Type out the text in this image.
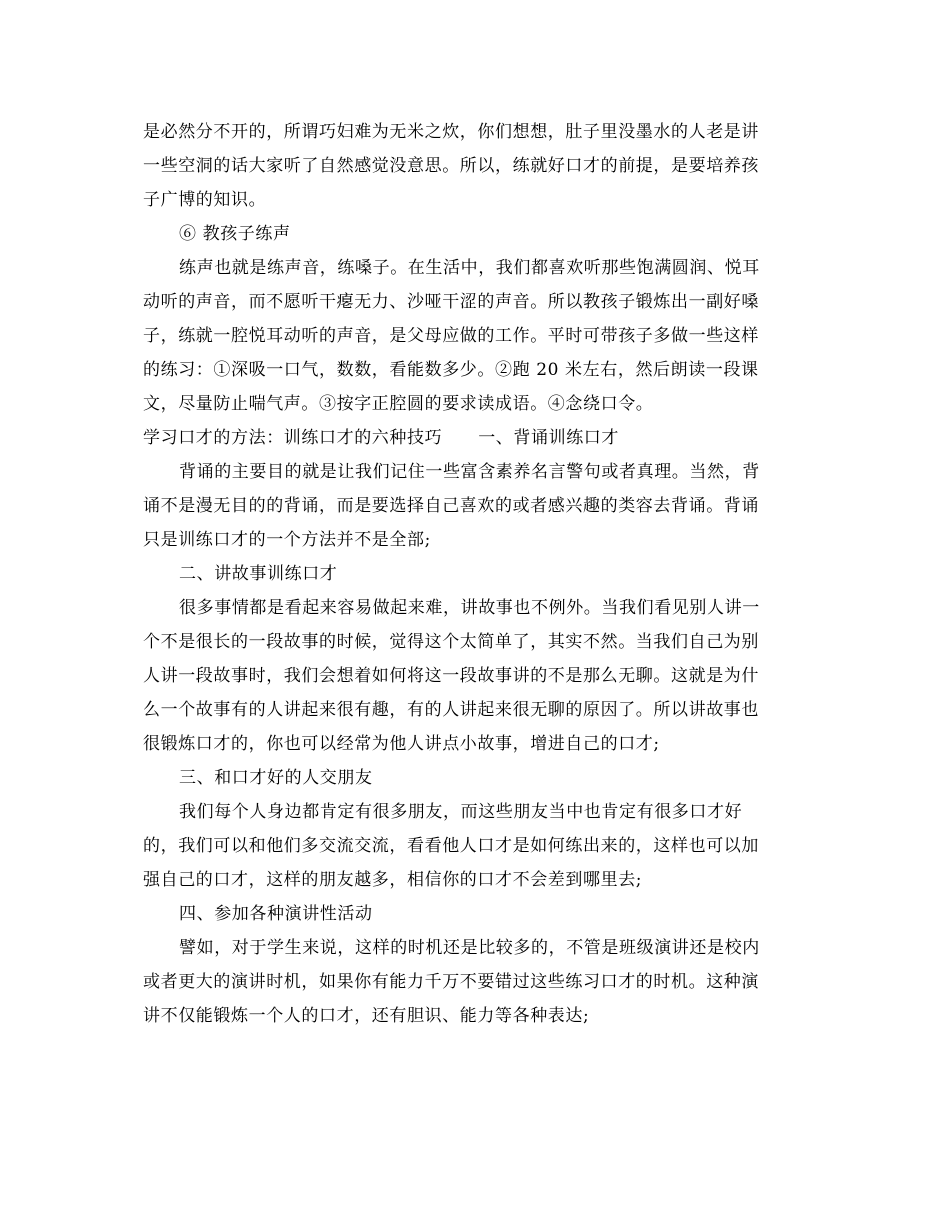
是必然分不开的，所谓巧妇难为无米之炊，你们想想，肚子里没墨水的人老是讲
一些空洞的话大家听了自然感觉没意思。所以，练就好口才的前提，是要培养孩
子广博的知识。

⑥ 教孩子练声

练声也就是练声音，练嗓子。在生活中，我们都喜欢听那些饱满圆润、悦耳
动听的声音，而不愿听干瘪无力、沙哑干涩的声音。所以教孩子锻炼出一副好嗓
子，练就一腔悦耳动听的声音，是父母应做的工作。平时可带孩子多做一些这样
的练习：①深吸一口气，数数，看能数多少。②跑 20 米左右，然后朗读一段课
文，尽量防止喘气声。③按字正腔圆的要求读成语。④念绕口令。

学习口才的方法：训练口才的六种技巧 一、背诵训练口才

背诵的主要目的就是让我们记住一些富含素养名言警句或者真理。当然，背
诵不是漫无目的的背诵，而是要选择自己喜欢的或者感兴趣的类容去背诵。背诵
只是训练口才的一个方法并不是全部;

二、讲故事训练口才

很多事情都是看起来容易做起来难，讲故事也不例外。当我们看见别人讲一
个不是很长的一段故事的时候，觉得这个太简单了，其实不然。当我们自己为别
人讲一段故事时，我们会想着如何将这一段故事讲的不是那么无聊。这就是为什
么一个故事有的人讲起来很有趣，有的人讲起来很无聊的原因了。所以讲故事也
很锻炼口才的，你也可以经常为他人讲点小故事，增进自己的口才;

三、和口才好的人交朋友

我们每个人身边都肯定有很多朋友，而这些朋友当中也肯定有很多口才好
的，我们可以和他们多交流交流，看看他人口才是如何练出来的，这样也可以加
强自己的口才，这样的朋友越多，相信你的口才不会差到哪里去;

四、参加各种演讲性活动

譬如，对于学生来说，这样的时机还是比较多的，不管是班级演讲还是校内
或者更大的演讲时机，如果你有能力千万不要错过这些练习口才的时机。这种演
讲不仅能锻炼一个人的口才，还有胆识、能力等各种表达;
